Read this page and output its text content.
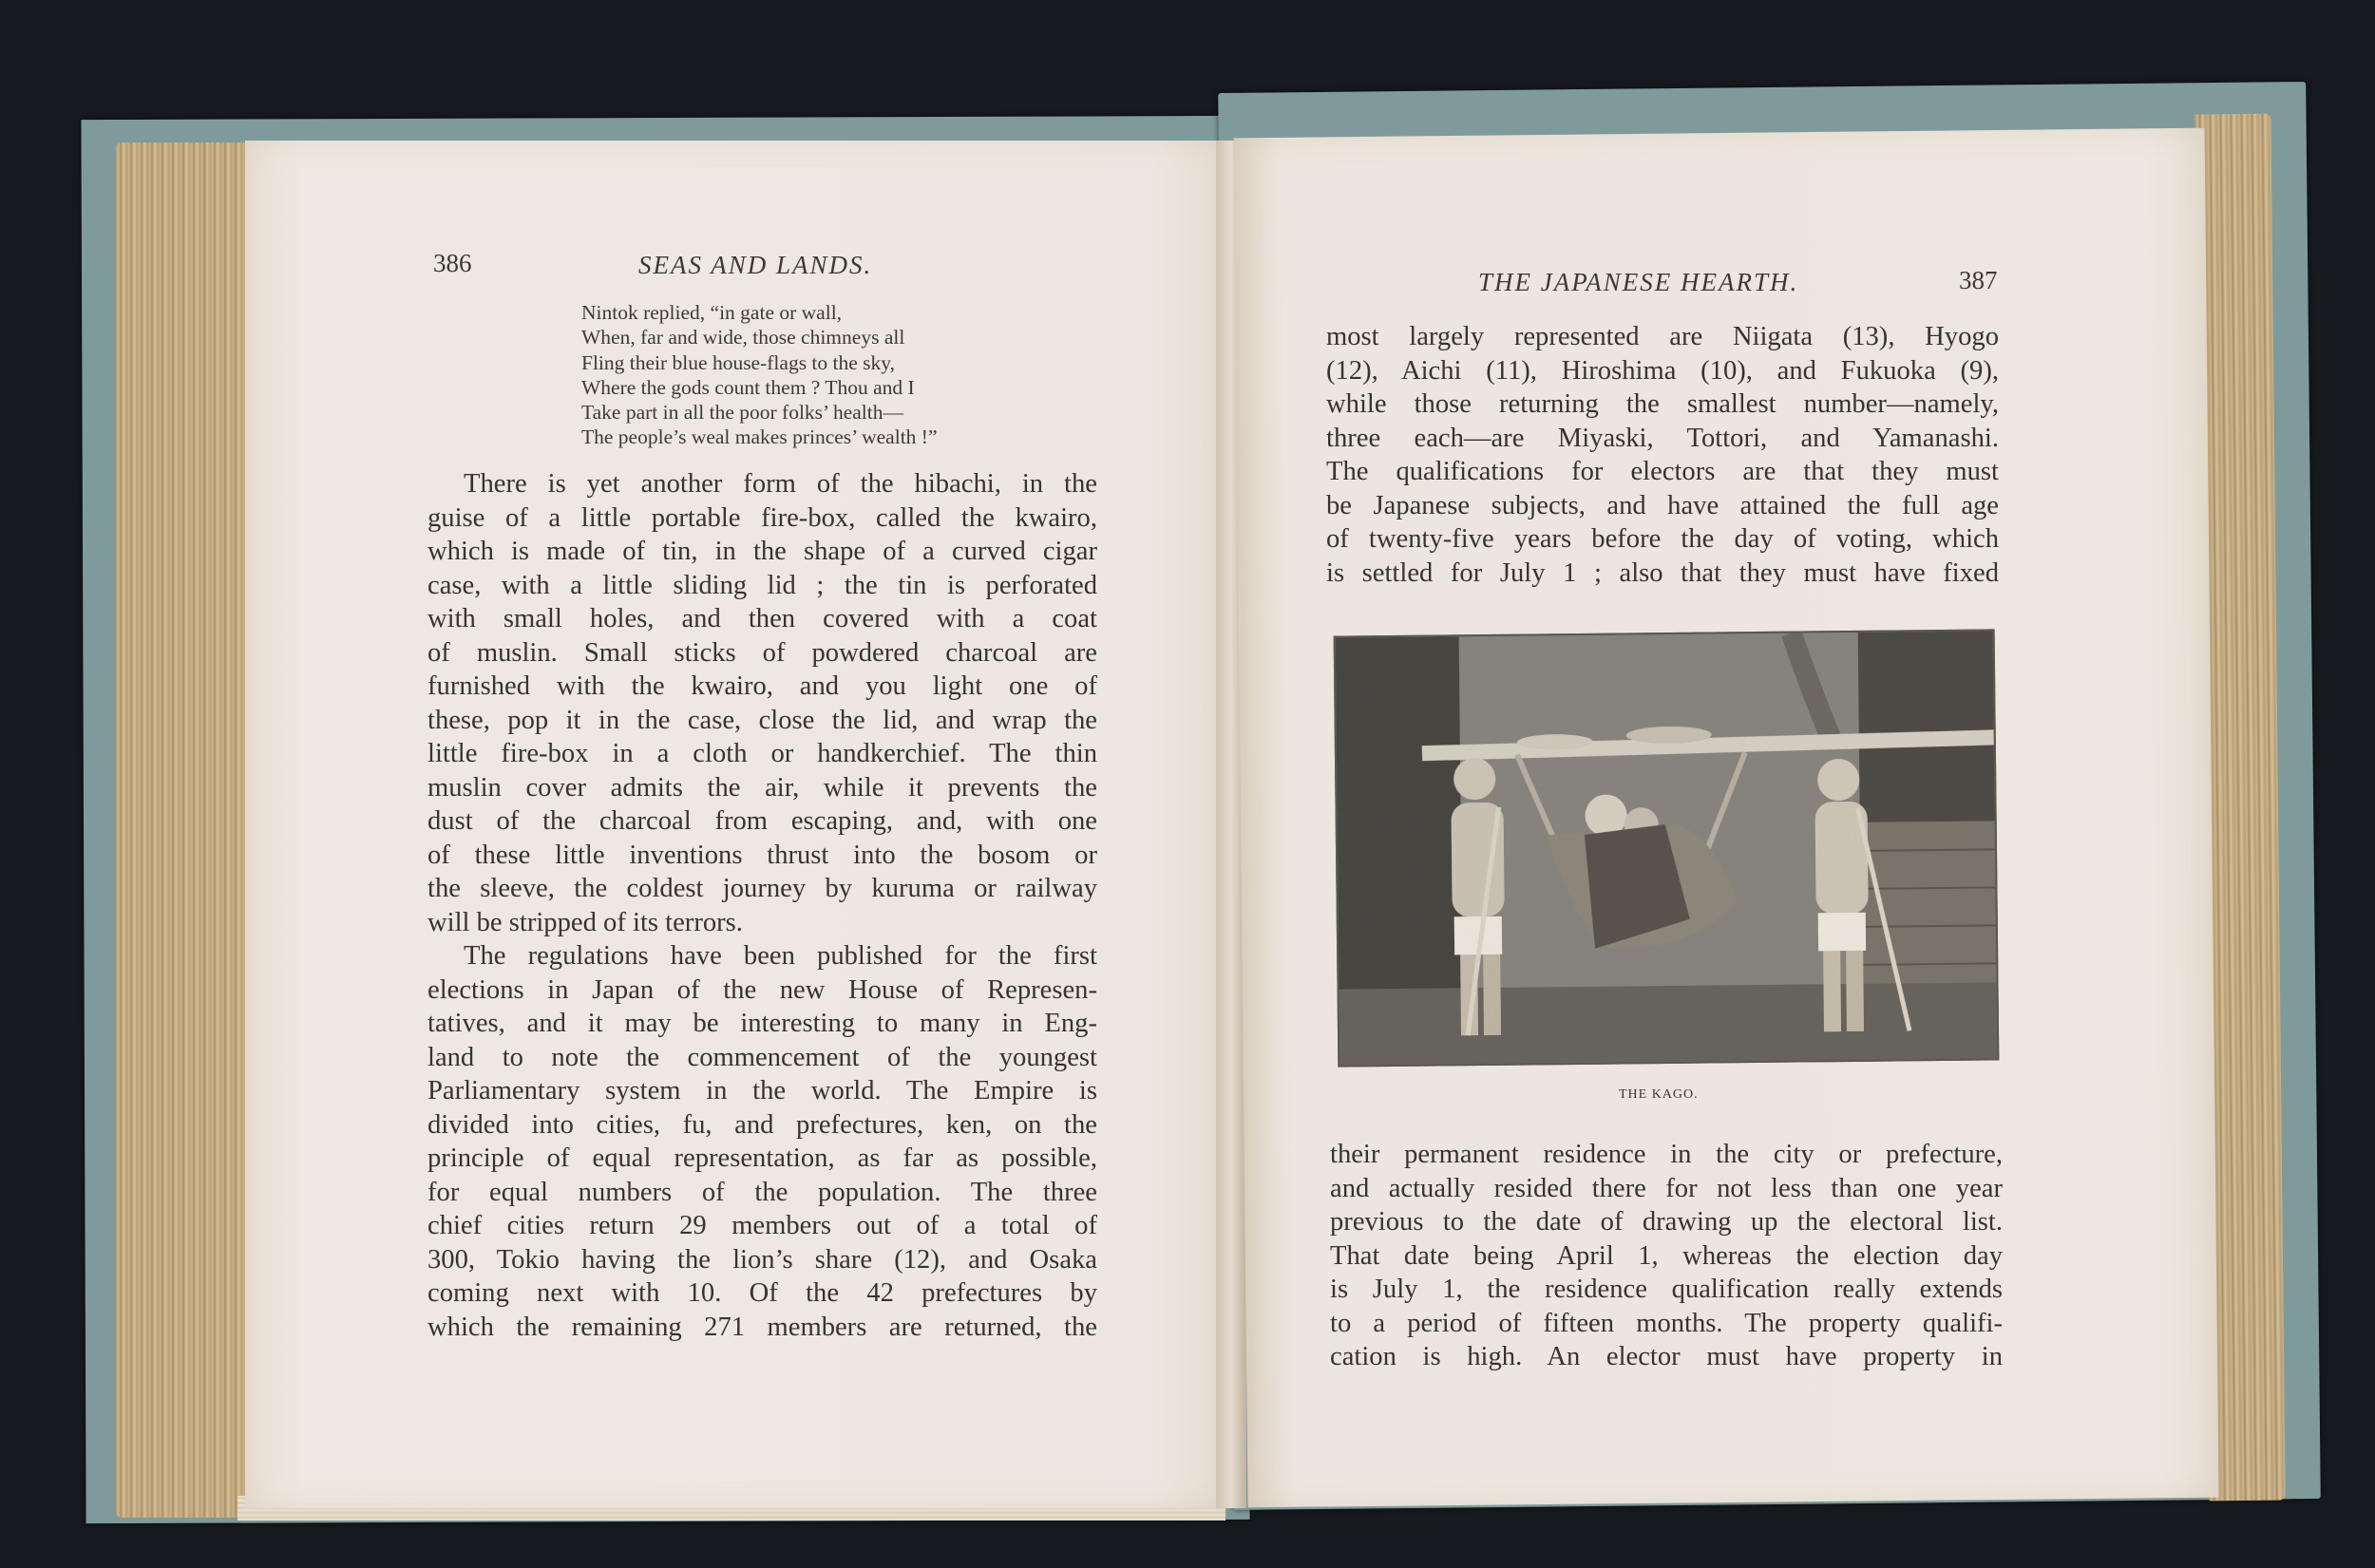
386	SEAS AND LANDS.
Nintok replied, “in gate or wall,
When, far and wide, those chimneys all
Fling their blue house-flags to the sky,
Where the gods count them ? Thou and I
Take part in all the poor folks’ health—
The people’s weal makes princes’ wealth !”
There is yet another form of the hibachi, in the
guise of a little portable fire-box, called the kwairo,
which is made of tin, in the shape of a curved cigar
case, with a little sliding lid ; the tin is perforated
with small holes, and then covered with a coat
of muslin. Small sticks of powdered charcoal are
furnished with the kwairo, and you light one of
these, pop it in the case, close the lid, and wrap the
little fire-box in a cloth or handkerchief. The thin
muslin cover admits the air, while it prevents the
dust of the charcoal from escaping, and, with one
of these little inventions thrust into the bosom or
the sleeve, the coldest journey by kuruma or railway
will be stripped of its terrors.
The regulations have been published for the first
elections in Japan of the new House of Represen-
tatives, and it may be interesting to many in Eng-
land to note the commencement of the youngest
Parliamentary system in the world. The Empire is
divided into cities, fu, and prefectures, ken, on the
principle of equal representation, as far as possible,
for equal numbers of the population. The three
chief cities return 29 members out of a total of
300, Tokio having the lion’s share (12), and Osaka
coming next with 10. Of the 42 prefectures by
which the remaining 271 members are returned, the
THE JAPANESE HEARTH.	387
most largely represented are Niigata (13), Hyogo
(12), Aichi (11), Hiroshima (10), and Fukuoka (9),
while those returning the smallest number—namely,
three each—are Miyaski, Tottori, and Yamanashi.
The qualifications for electors are that they must
be Japanese subjects, and have attained the full age
of twenty-five years before the day of voting, which
is settled for July 1 ; also that they must have fixed
THE KAGO.
their permanent residence in the city or prefecture,
and actually resided there for not less than one year
previous to the date of drawing up the electoral list.
That date being April 1, whereas the election day
is July 1, the residence qualification really extends
to a period of fifteen months. The property qualifi-
cation is high. An elector must have property in
